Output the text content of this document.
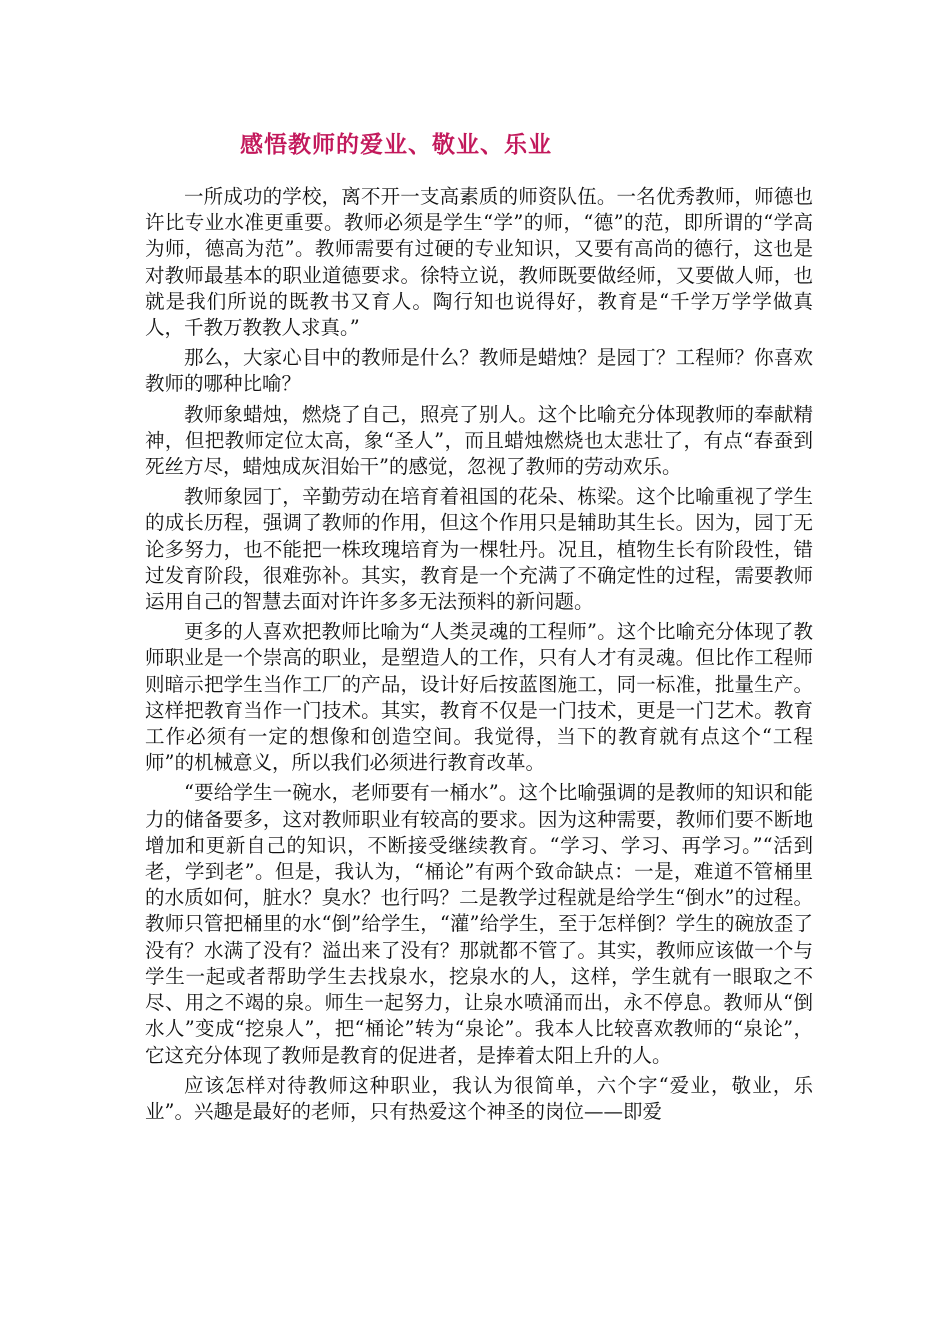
感悟教师的爱业、敬业、乐业

一所成功的学校，离不开一支高素质的师资队伍。一名优秀教师，师德也许比专业水准更重要。教师必须是学生“学”的师，“德”的范，即所谓的“学高为师，德高为范”。教师需要有过硬的专业知识，又要有高尚的德行，这也是对教师最基本的职业道德要求。徐特立说，教师既要做经师，又要做人师，也就是我们所说的既教书又育人。陶行知也说得好，教育是“千学万学学做真人，千教万教教人求真。”

那么，大家心目中的教师是什么？教师是蜡烛？是园丁？工程师？你喜欢教师的哪种比喻？

教师象蜡烛，燃烧了自己，照亮了别人。这个比喻充分体现教师的奉献精神，但把教师定位太高，象“圣人”，而且蜡烛燃烧也太悲壮了，有点“春蚕到死丝方尽，蜡烛成灰泪始干”的感觉，忽视了教师的劳动欢乐。

教师象园丁，辛勤劳动在培育着祖国的花朵、栋梁。这个比喻重视了学生的成长历程，强调了教师的作用，但这个作用只是辅助其生长。因为，园丁无论多努力，也不能把一株玫瑰培育为一棵牡丹。况且，植物生长有阶段性，错过发育阶段，很难弥补。其实，教育是一个充满了不确定性的过程，需要教师运用自己的智慧去面对许许多多无法预料的新问题。

更多的人喜欢把教师比喻为“人类灵魂的工程师”。这个比喻充分体现了教师职业是一个崇高的职业，是塑造人的工作，只有人才有灵魂。但比作工程师则暗示把学生当作工厂的产品，设计好后按蓝图施工，同一标准，批量生产。这样把教育当作一门技术。其实，教育不仅是一门技术，更是一门艺术。教育工作必须有一定的想像和创造空间。我觉得，当下的教育就有点这个“工程师”的机械意义，所以我们必须进行教育改革。

“要给学生一碗水，老师要有一桶水”。这个比喻强调的是教师的知识和能力的储备要多，这对教师职业有较高的要求。因为这种需要，教师们要不断地增加和更新自己的知识，不断接受继续教育。“学习、学习、再学习。”“活到老，学到老”。但是，我认为，“桶论”有两个致命缺点：一是，难道不管桶里的水质如何，脏水？臭水？也行吗？二是教学过程就是给学生“倒水”的过程。教师只管把桶里的水“倒”给学生，“灌”给学生，至于怎样倒？学生的碗放歪了没有？水满了没有？溢出来了没有？那就都不管了。其实，教师应该做一个与学生一起或者帮助学生去找泉水，挖泉水的人，这样，学生就有一眼取之不尽、用之不竭的泉。师生一起努力，让泉水喷涌而出，永不停息。教师从“倒水人”变成“挖泉人”，把“桶论”转为“泉论”。我本人比较喜欢教师的“泉论”，它这充分体现了教师是教育的促进者，是捧着太阳上升的人。

应该怎样对待教师这种职业，我认为很简单，六个字“爱业，敬业，乐业”。兴趣是最好的老师，只有热爱这个神圣的岗位——即爱
